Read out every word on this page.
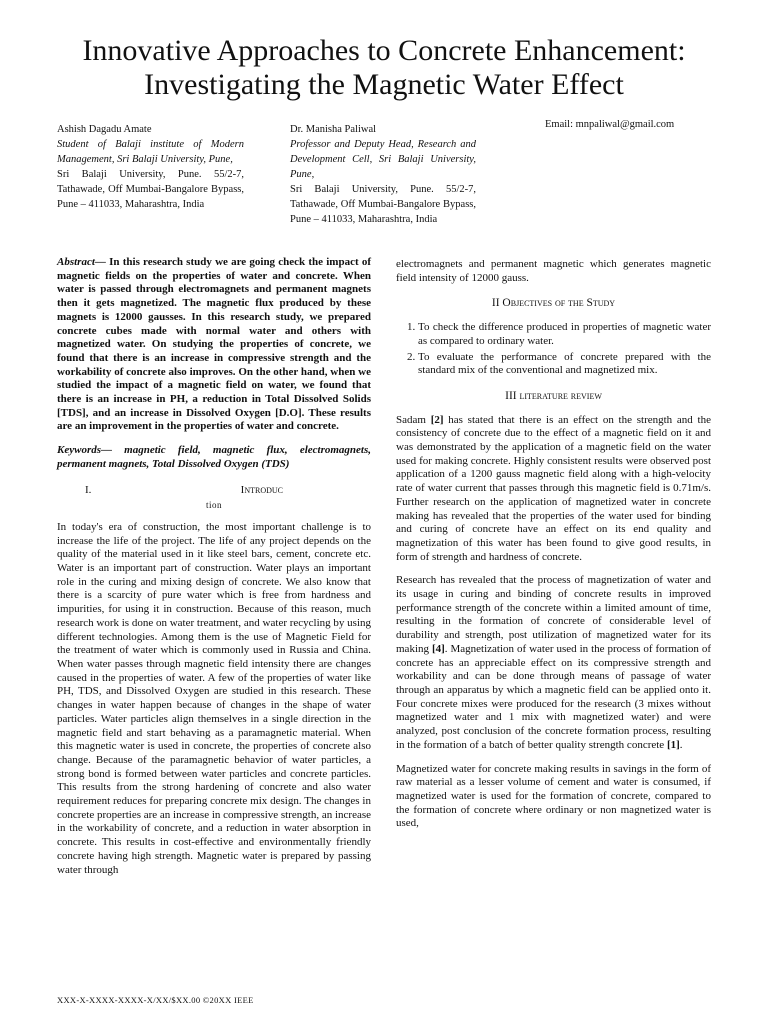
Innovative Approaches to Concrete Enhancement:
Investigating the Magnetic Water Effect

Ashish Dagadu Amate

Student of Balaji institute of Modern Management, Sri Balaji University, Pune,

Sri Balaji University, Pune. 55/2-7, Tathawade, Off Mumbai-Bangalore Bypass, Pune – 411033, Maharashtra, India

Dr. Manisha Paliwal

Professor and Deputy Head, Research and Development Cell, Sri Balaji University, Pune,

Sri Balaji University, Pune. 55/2-7, Tathawade, Off Mumbai-Bangalore Bypass, Pune – 411033, Maharashtra, India

Email: mnpaliwal@gmail.com

Abstract— In this research study we are going check the impact of magnetic fields on the properties of water and concrete. When water is passed through electromagnets and permanent magnets then it gets magnetized. The magnetic flux produced by these magnets is 12000 gausses. In this research study, we prepared concrete cubes made with normal water and others with magnetized water. On studying the properties of concrete, we found that there is an increase in compressive strength and the workability of concrete also improves. On the other hand, when we studied the impact of a magnetic field on water, we found that there is an increase in PH, a reduction in Total Dissolved Solids [TDS], and an increase in Dissolved Oxygen [D.O]. These results are an improvement in the properties of water and concrete.

Keywords— magnetic field, magnetic flux, electromagnets, permanent magnets, Total Dissolved Oxygen (TDS)

I.	Introduc
tion

In today's era of construction, the most important challenge is to increase the life of the project. The life of any project depends on the quality of the material used in it like steel bars, cement, concrete etc. Water is an important part of construction. Water plays an important role in the curing and mixing design of concrete. We also know that there is a scarcity of pure water which is free from hardness and impurities, for using it in construction. Because of this reason, much research work is done on water treatment, and water recycling by using different technologies. Among them is the use of Magnetic Field for the treatment of water which is commonly used in Russia and China. When water passes through magnetic field intensity there are changes caused in the properties of water. A few of the properties of water like PH, TDS, and Dissolved Oxygen are studied in this research. These changes in water happen because of changes in the shape of water particles. Water particles align themselves in a single direction in the magnetic field and start behaving as a paramagnetic material. When this magnetic water is used in concrete, the properties of concrete also change. Because of the paramagnetic behavior of water particles, a strong bond is formed between water particles and concrete particles. This results from the strong hardening of concrete and also water requirement reduces for preparing concrete mix design. The changes in concrete properties are an increase in compressive strength, an increase in the workability of concrete, and a reduction in water absorption in concrete. This results in cost-effective and environmentally friendly concrete having high strength. Magnetic water is prepared by passing water through

electromagnets and permanent magnetic which generates magnetic field intensity of 12000 gauss.

II Objectives of the Study
1. To check the difference produced in properties of magnetic water as compared to ordinary water.
2. To evaluate the performance of concrete prepared with the standard mix of the conventional and magnetized mix.
III literature review

Sadam [2] has stated that there is an effect on the strength and the consistency of concrete due to the effect of a magnetic field on it and was demonstrated by the application of a magnetic field on the water used for making concrete. Highly consistent results were observed post application of a 1200 gauss magnetic field along with a high-velocity rate of water current that passes through this magnetic field is 0.71m/s. Further research on the application of magnetized water in concrete making has revealed that the properties of the water used for binding and curing of concrete have an effect on its end quality and magnetization of this water has been found to give good results, in form of strength and hardness of concrete.

Research has revealed that the process of magnetization of water and its usage in curing and binding of concrete results in improved performance strength of the concrete within a limited amount of time, resulting in the formation of concrete of considerable level of durability and strength, post utilization of magnetized water for its making [4]. Magnetization of water used in the process of formation of concrete has an appreciable effect on its compressive strength and workability and can be done through means of passage of water through an apparatus by which a magnetic field can be applied onto it. Four concrete mixes were produced for the research (3 mixes without magnetized water and 1 mix with magnetized water) and were analyzed, post conclusion of the concrete formation process, resulting in the formation of a batch of better quality strength concrete [1].

Magnetized water for concrete making results in savings in the form of raw material as a lesser volume of cement and water is consumed, if magnetized water is used for the formation of concrete, compared to the formation of concrete where ordinary or non magnetized water is used,

XXX-X-XXXX-XXXX-X/XX/$XX.00 ©20XX IEEE
